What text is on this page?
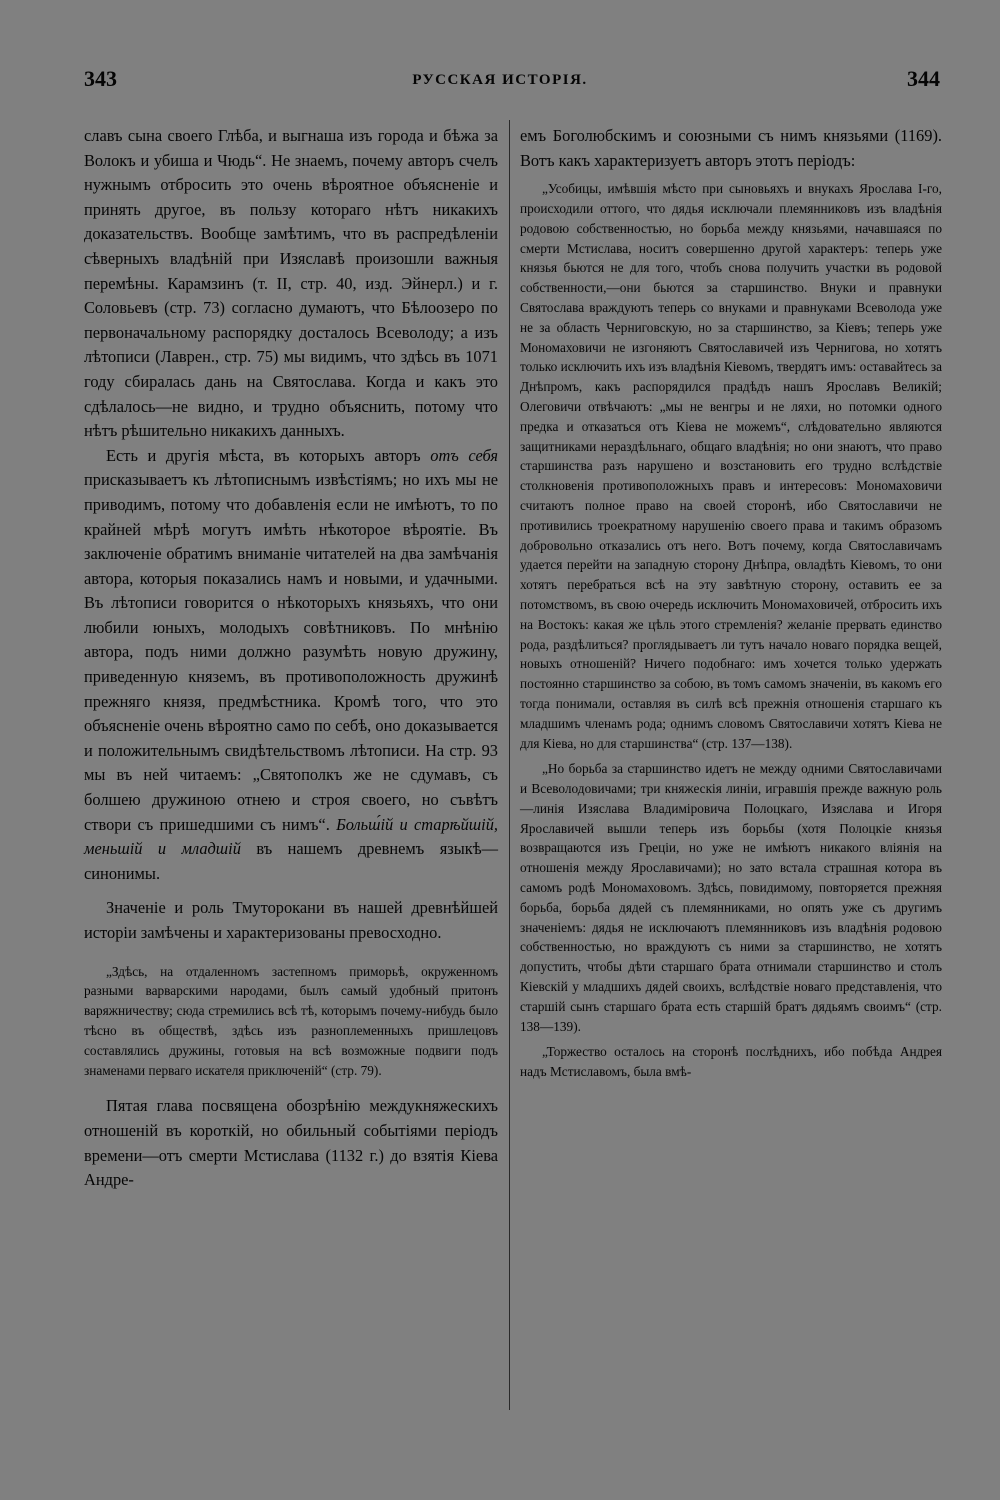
343	РУССКАЯ ИСТОРІЯ.	344

славъ сына своего Глѣба, и выгнаша изъ города и бѣжа за Волокъ и убиша и Чюдь“. Не знаемъ, почему авторъ счелъ нужнымъ отбросить это очень вѣроятное объясненіе и принять другое, въ пользу котораго нѣтъ никакихъ доказательствъ. Вообще замѣтимъ, что въ распредѣленіи сѣверныхъ владѣній при Изяславѣ произошли важныя перемѣны. Карамзинъ (т. II, стр. 40, изд. Эйнерл.) и г. Соловьевъ (стр. 73) согласно думаютъ, что Бѣлоозеро по первоначальному распорядку досталось Всеволоду; а изъ лѣтописи (Лаврен., стр. 75) мы видимъ, что здѣсь въ 1071 году сбиралась дань на Святослава. Когда и какъ это сдѣлалось—не видно, и трудно объяснить, потому что нѣтъ рѣшительно никакихъ данныхъ.

Есть и другія мѣста, въ которыхъ авторъ отъ себя присказываетъ къ лѣтописнымъ извѣстіямъ; но ихъ мы не приводимъ, потому что добавленія если не имѣютъ, то по крайней мѣрѣ могутъ имѣть нѣкоторое вѣроятіе. Въ заключеніе обратимъ вниманіе читателей на два замѣчанія автора, которыя показались намъ и новыми, и удачными. Въ лѣтописи говорится о нѣкоторыхъ князьяхъ, что они любили юныхъ, молодыхъ совѣтниковъ. По мнѣнію автора, подъ ними должно разумѣть новую дружину, приведенную княземъ, въ противоположность дружинѣ прежняго князя, предмѣстника. Кромѣ того, что это объясненіе очень вѣроятно само по себѣ, оно доказывается и положительнымъ свидѣтельствомъ лѣтописи. На стр. 93 мы въ ней читаемъ: „Святополкъ же не сдумавъ, съ болшею дружиною отнею и строя своего, но съвѣтъ створи съ пришедшими съ нимъ“. Больш́ій и старѣйшій, меньшій и младшій въ нашемъ древнемъ языкѣ—синонимы.

Значеніе и роль Тмуторокани въ нашей древнѣйшей исторіи замѣчены и характеризованы превосходно.

„Здѣсь, на отдаленномъ застепномъ приморьѣ, окруженномъ разными варварскими народами, былъ самый удобный притонъ варяжничеству; сюда стремились всѣ тѣ, которымъ почему-нибудь было тѣсно въ обществѣ, здѣсь изъ разноплеменныхъ пришлецовъ составлялись дружины, готовыя на всѣ возможные подвиги подъ знаменами перваго искателя приключеній“ (стр. 79).

Пятая глава посвящена обозрѣнію междукняжескихъ отношеній въ короткій, но обильный событіями періодъ времени—отъ смерти Мстислава (1132 г.) до взятія Кіева Андре-

емъ Боголюбскимъ и союзными съ нимъ князьями (1169). Вотъ какъ характеризуетъ авторъ этотъ періодъ:

„Усобицы, имѣвшія мѣсто при сыновьяхъ и внукахъ Ярослава I-го, происходили оттого, что дядья исключали племянниковъ изъ владѣнія родовою собственностью, но борьба между князьями, начавшаяся по смерти Мстислава, носитъ совершенно другой характеръ: теперь уже князья бьются не для того, чтобъ снова получить участки въ родовой собственности,—они бьются за старшинство. Внуки и правнуки Святослава враждуютъ теперь со внуками и правнуками Всеволода уже не за область Черниговскую, но за старшинство, за Кіевъ; теперь уже Мономаховичи не изгоняютъ Святославичей изъ Чернигова, но хотятъ только исключить ихъ изъ владѣнія Кіевомъ, твердятъ имъ: оставайтесь за Днѣпромъ, какъ распорядился прадѣдъ нашъ Ярославъ Великій; Олеговичи отвѣчаютъ: „мы не венгры и не ляхи, но потомки одного предка и отказаться отъ Кіева не можемъ“, слѣдовательно являются защитниками нераздѣльнаго, общаго владѣнія; но они знаютъ, что право старшинства разъ нарушено и возстановить его трудно вслѣдствіе столкновенія противоположныхъ правъ и интересовъ: Мономаховичи считаютъ полное право на своей сторонѣ, ибо Святославичи не противились троекратному нарушенію своего права и такимъ образомъ добровольно отказались отъ него. Вотъ почему, когда Святославичамъ удается перейти на западную сторону Днѣпра, овладѣть Кіевомъ, то они хотятъ перебраться всѣ на эту завѣтную сторону, оставить ее за потомствомъ, въ свою очередь исключить Мономаховичей, отбросить ихъ на Востокъ: какая же цѣль этого стремленія? желаніе прервать единство рода, раздѣлиться? проглядываетъ ли тутъ начало новаго порядка вещей, новыхъ отношеній? Ничего подобнаго: имъ хочется только удержать постоянно старшинство за собою, въ томъ самомъ значеніи, въ какомъ его тогда понимали, оставляя въ силѣ всѣ прежнія отношенія старшаго къ младшимъ членамъ рода; однимъ словомъ Святославичи хотятъ Кіева не для Кіева, но для старшинства“ (стр. 137—138).

„Но борьба за старшинство идетъ не между одними Святославичами и Всеволодовичами; три княжескія линіи, игравшія прежде важную роль—линія Изяслава Владиміровича Полоцкаго, Изяслава и Игоря Ярославичей вышли теперь изъ борьбы (хотя Полоцкіе князья возвращаются изъ Греціи, но уже не имѣютъ никакого вліянія на отношенія между Ярославичами); но зато встала страшная котора въ самомъ родѣ Мономаховомъ. Здѣсь, повидимому, повторяется прежняя борьба, борьба дядей съ племянниками, но опять уже съ другимъ значеніемъ: дядья не исключаютъ племянниковъ изъ владѣнія родовою собственностью, но враждуютъ съ ними за старшинство, не хотятъ допустить, чтобы дѣти старшаго брата отнимали старшинство и столъ Кіевскій у младшихъ дядей своихъ, вслѣдствіе новаго представленія, что старшій сынъ старшаго брата есть старшій братъ дядьямъ своимъ“ (стр. 138—139).

„Торжество осталось на сторонѣ послѣднихъ, ибо побѣда Андрея надъ Мстиславомъ, была вмѣ-
